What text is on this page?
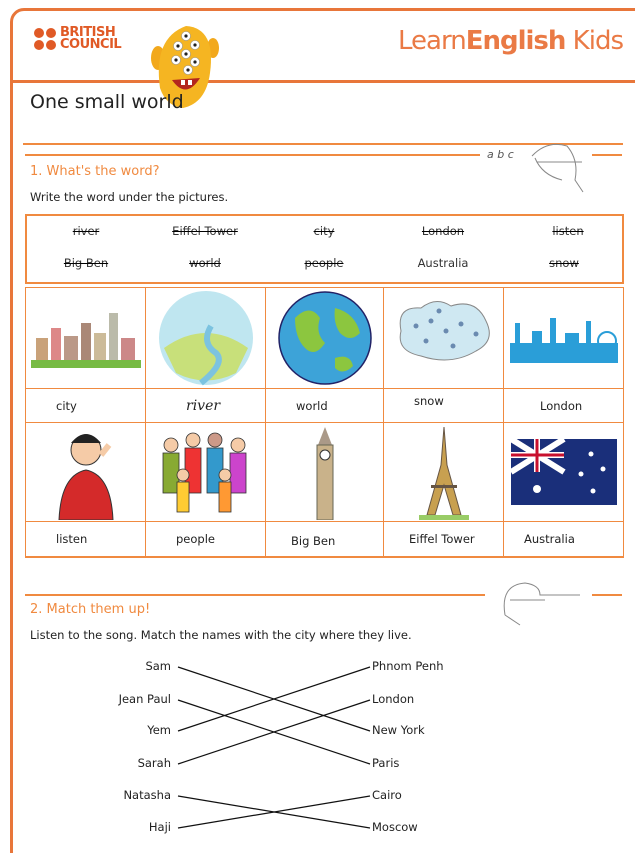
BRITISH
COUNCIL	LearnEnglish Kids
One small world
a b c
1. What's the word?
Write the word under the pictures.
river	Eiffel Tower	city	London	listen
Big Ben	world	people	Australia	snow
city	river	world	snow	London
listen	people	Big Ben	Eiffel Tower	Australia
2. Match them up!
Listen to the song. Match the names with the city where they live.
Sam
Jean Paul
Yem
Sarah
Natasha
Haji
Phnom Penh
London
New York
Paris
Cairo
Moscow
